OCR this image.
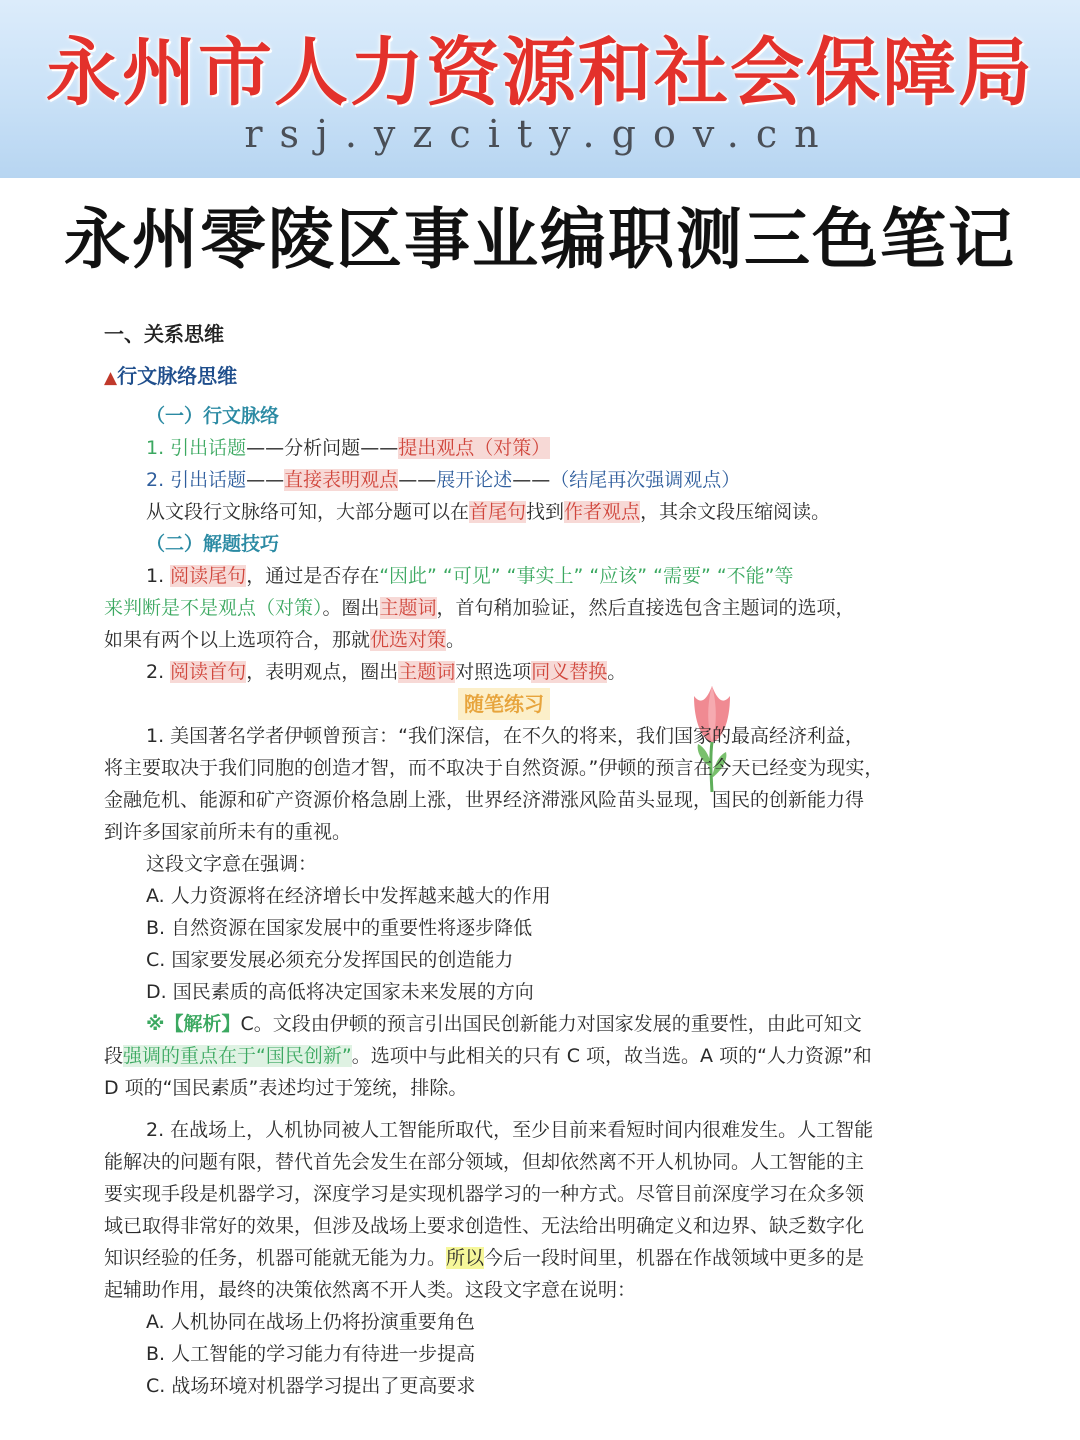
永州市人力资源和社会保障局
rsj.yzcity.gov.cn
永州零陵区事业编职测三色笔记
一、关系思维
▲行文脉络思维
（一）行文脉络
1. 引出话题——分析问题——提出观点（对策）
2. 引出话题——直接表明观点——展开论述——（结尾再次强调观点）
从文段行文脉络可知，大部分题可以在首尾句找到作者观点，其余文段压缩阅读。
（二）解题技巧
1. 阅读尾句，通过是否存在“因此” “可见” “事实上” “应该” “需要” “不能”等
来判断是不是观点（对策）。圈出主题词，首句稍加验证，然后直接选包含主题词的选项，
如果有两个以上选项符合，那就优选对策。
2. 阅读首句，表明观点，圈出主题词对照选项同义替换。
随笔练习
1. 美国著名学者伊顿曾预言：“我们深信，在不久的将来，我们国家的最高经济利益，
将主要取决于我们同胞的创造才智，而不取决于自然资源。”伊顿的预言在今天已经变为现实，
金融危机、能源和矿产资源价格急剧上涨，世界经济滞涨风险苗头显现，国民的创新能力得
到许多国家前所未有的重视。
这段文字意在强调：
A. 人力资源将在经济增长中发挥越来越大的作用
B. 自然资源在国家发展中的重要性将逐步降低
C. 国家要发展必须充分发挥国民的创造能力
D. 国民素质的高低将决定国家未来发展的方向
※【解析】C。文段由伊顿的预言引出国民创新能力对国家发展的重要性，由此可知文
段强调的重点在于“国民创新”。选项中与此相关的只有 C 项，故当选。A 项的“人力资源”和
D 项的“国民素质”表述均过于笼统，排除。
2. 在战场上，人机协同被人工智能所取代，至少目前来看短时间内很难发生。人工智能
能解决的问题有限，替代首先会发生在部分领域，但却依然离不开人机协同。人工智能的主
要实现手段是机器学习，深度学习是实现机器学习的一种方式。尽管目前深度学习在众多领
域已取得非常好的效果，但涉及战场上要求创造性、无法给出明确定义和边界、缺乏数字化
知识经验的任务，机器可能就无能为力。所以今后一段时间里，机器在作战领域中更多的是
起辅助作用，最终的决策依然离不开人类。这段文字意在说明：
A. 人机协同在战场上仍将扮演重要角色
B. 人工智能的学习能力有待进一步提高
C. 战场环境对机器学习提出了更高要求
